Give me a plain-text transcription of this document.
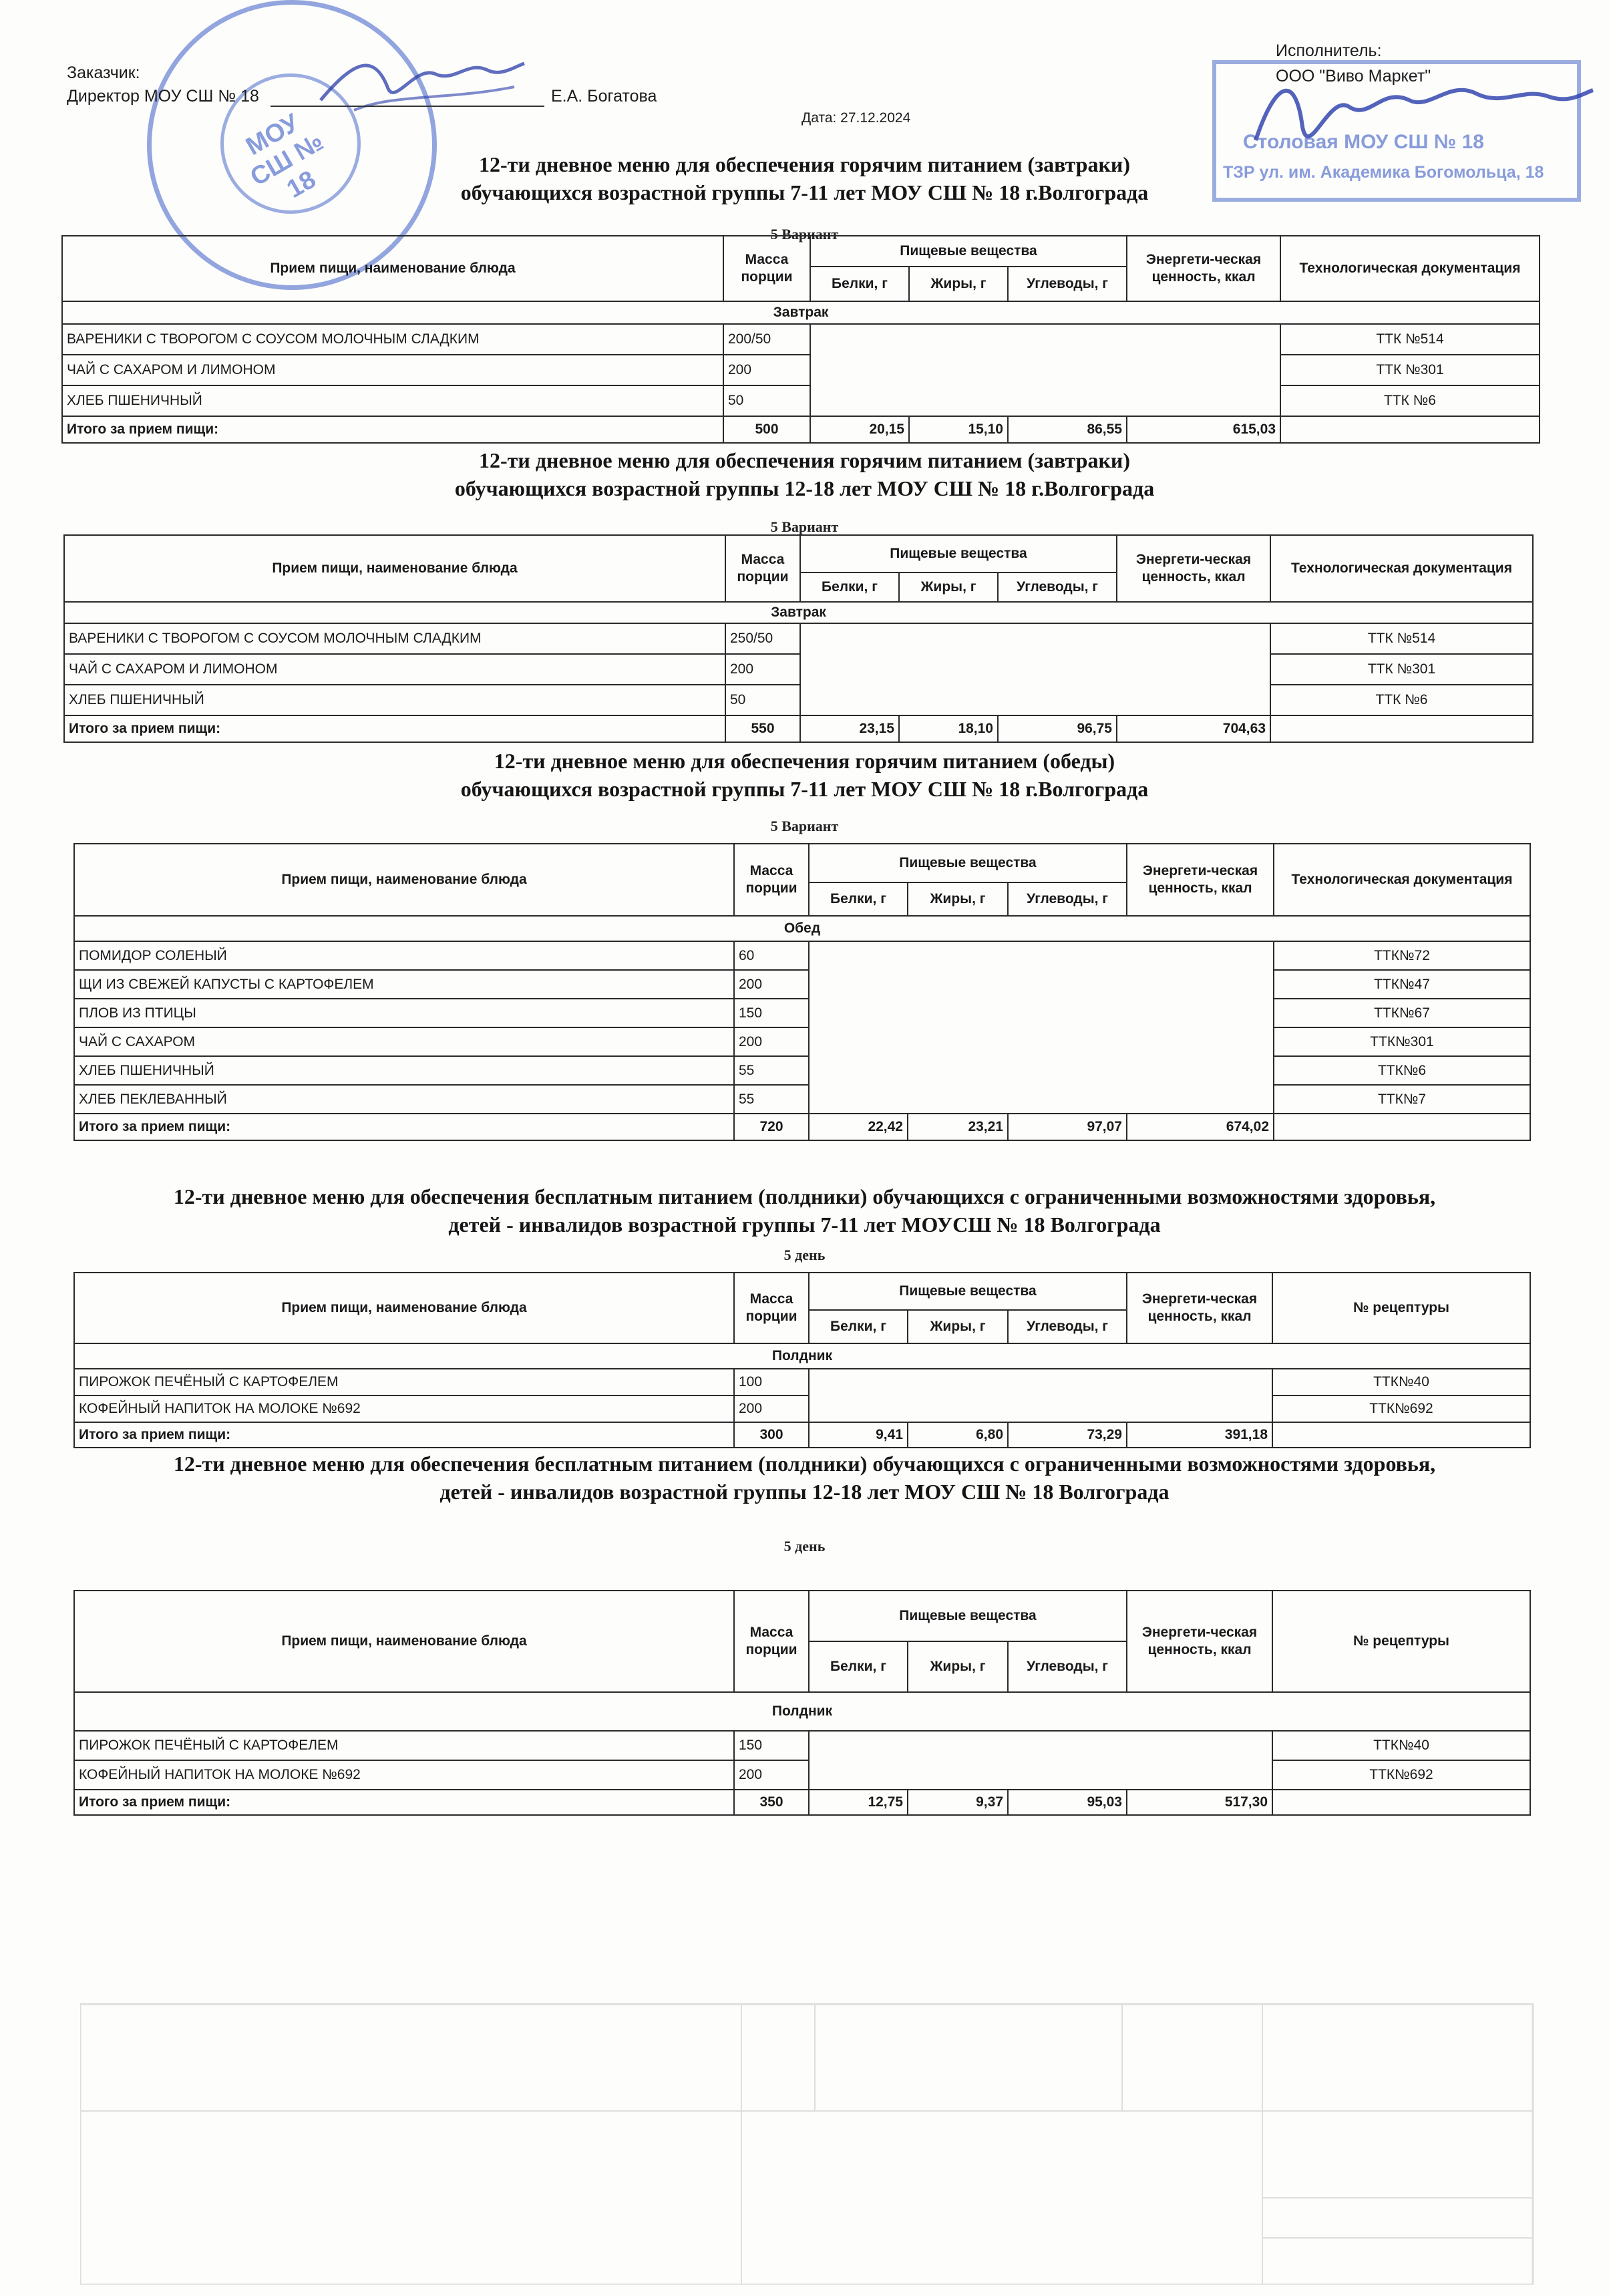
МОУ СШ № 18
Столовая МОУ СШ № 18
ТЗР ул. им. Академика Богомольца, 18
Заказчик:
Директор МОУ СШ № 18	Е.А. Богатова
Исполнитель:
ООО "Виво Маркет"
Дата: 27.12.2024
12-ти дневное меню для обеспечения горячим питанием (завтраки)
обучающихся возрастной группы 7-11 лет МОУ СШ № 18 г.Волгограда
5 Вариант
Прием пищи, наименование блюда	Масса порции	Пищевые вещества			Энергети-ческая ценность, ккал	Технологическая документация
		Белки, г	Жиры, г	Углеводы, г		
Завтрак						
ВАРЕНИКИ С ТВОРОГОМ С СОУСОМ МОЛОЧНЫМ СЛАДКИМ	200/50					ТТК №514
ЧАЙ С САХАРОМ И ЛИМОНОМ	200					ТТК №301
ХЛЕБ ПШЕНИЧНЫЙ	50					ТТК №6
Итого за прием пищи:	500	20,15	15,10	86,55	615,03	
12-ти дневное меню для обеспечения горячим питанием (завтраки)
обучающихся возрастной группы 12-18 лет МОУ СШ № 18 г.Волгограда
5 Вариант
Прием пищи, наименование блюда	Масса порции	Пищевые вещества			Энергети-ческая ценность, ккал	Технологическая документация
		Белки, г	Жиры, г	Углеводы, г		
Завтрак						
ВАРЕНИКИ С ТВОРОГОМ С СОУСОМ МОЛОЧНЫМ СЛАДКИМ	250/50					ТТК №514
ЧАЙ С САХАРОМ И ЛИМОНОМ	200					ТТК №301
ХЛЕБ ПШЕНИЧНЫЙ	50					ТТК №6
Итого за прием пищи:	550	23,15	18,10	96,75	704,63	
12-ти дневное меню для обеспечения горячим питанием (обеды)
обучающихся возрастной группы 7-11 лет МОУ СШ № 18 г.Волгограда
5 Вариант
Прием пищи, наименование блюда	Масса порции	Пищевые вещества			Энергети-ческая ценность, ккал	Технологическая документация
		Белки, г	Жиры, г	Углеводы, г		
Обед						
ПОМИДОР СОЛЕНЫЙ	60					ТТК№72
ЩИ ИЗ СВЕЖЕЙ КАПУСТЫ С КАРТОФЕЛЕМ	200					ТТК№47
ПЛОВ ИЗ ПТИЦЫ	150					ТТК№67
ЧАЙ С САХАРОМ	200					ТТК№301
ХЛЕБ ПШЕНИЧНЫЙ	55					ТТК№6
ХЛЕБ ПЕКЛЕВАННЫЙ	55					ТТК№7
Итого за прием пищи:	720	22,42	23,21	97,07	674,02	
12-ти дневное меню для обеспечения бесплатным питанием (полдники) обучающихся с ограниченными возможностями здоровья,
детей - инвалидов возрастной группы 7-11 лет МОУСШ № 18 Волгограда
5 день
Прием пищи, наименование блюда	Масса порции	Пищевые вещества			Энергети-ческая ценность, ккал	№ рецептуры
		Белки, г	Жиры, г	Углеводы, г		
Полдник						
ПИРОЖОК ПЕЧЁНЫЙ С КАРТОФЕЛЕМ	100					ТТК№40
КОФЕЙНЫЙ НАПИТОК НА МОЛОКЕ №692	200					ТТК№692
Итого за прием пищи:	300	9,41	6,80	73,29	391,18	
12-ти дневное меню для обеспечения бесплатным питанием (полдники) обучающихся с ограниченными возможностями здоровья,
детей - инвалидов возрастной группы 12-18 лет МОУ СШ № 18 Волгограда
5 день
Прием пищи, наименование блюда	Масса порции	Пищевые вещества			Энергети-ческая ценность, ккал	№ рецептуры
		Белки, г	Жиры, г	Углеводы, г		
Полдник						
ПИРОЖОК ПЕЧЁНЫЙ С КАРТОФЕЛЕМ	150					ТТК№40
КОФЕЙНЫЙ НАПИТОК НА МОЛОКЕ №692	200					ТТК№692
Итого за прием пищи:	350	12,75	9,37	95,03	517,30	
